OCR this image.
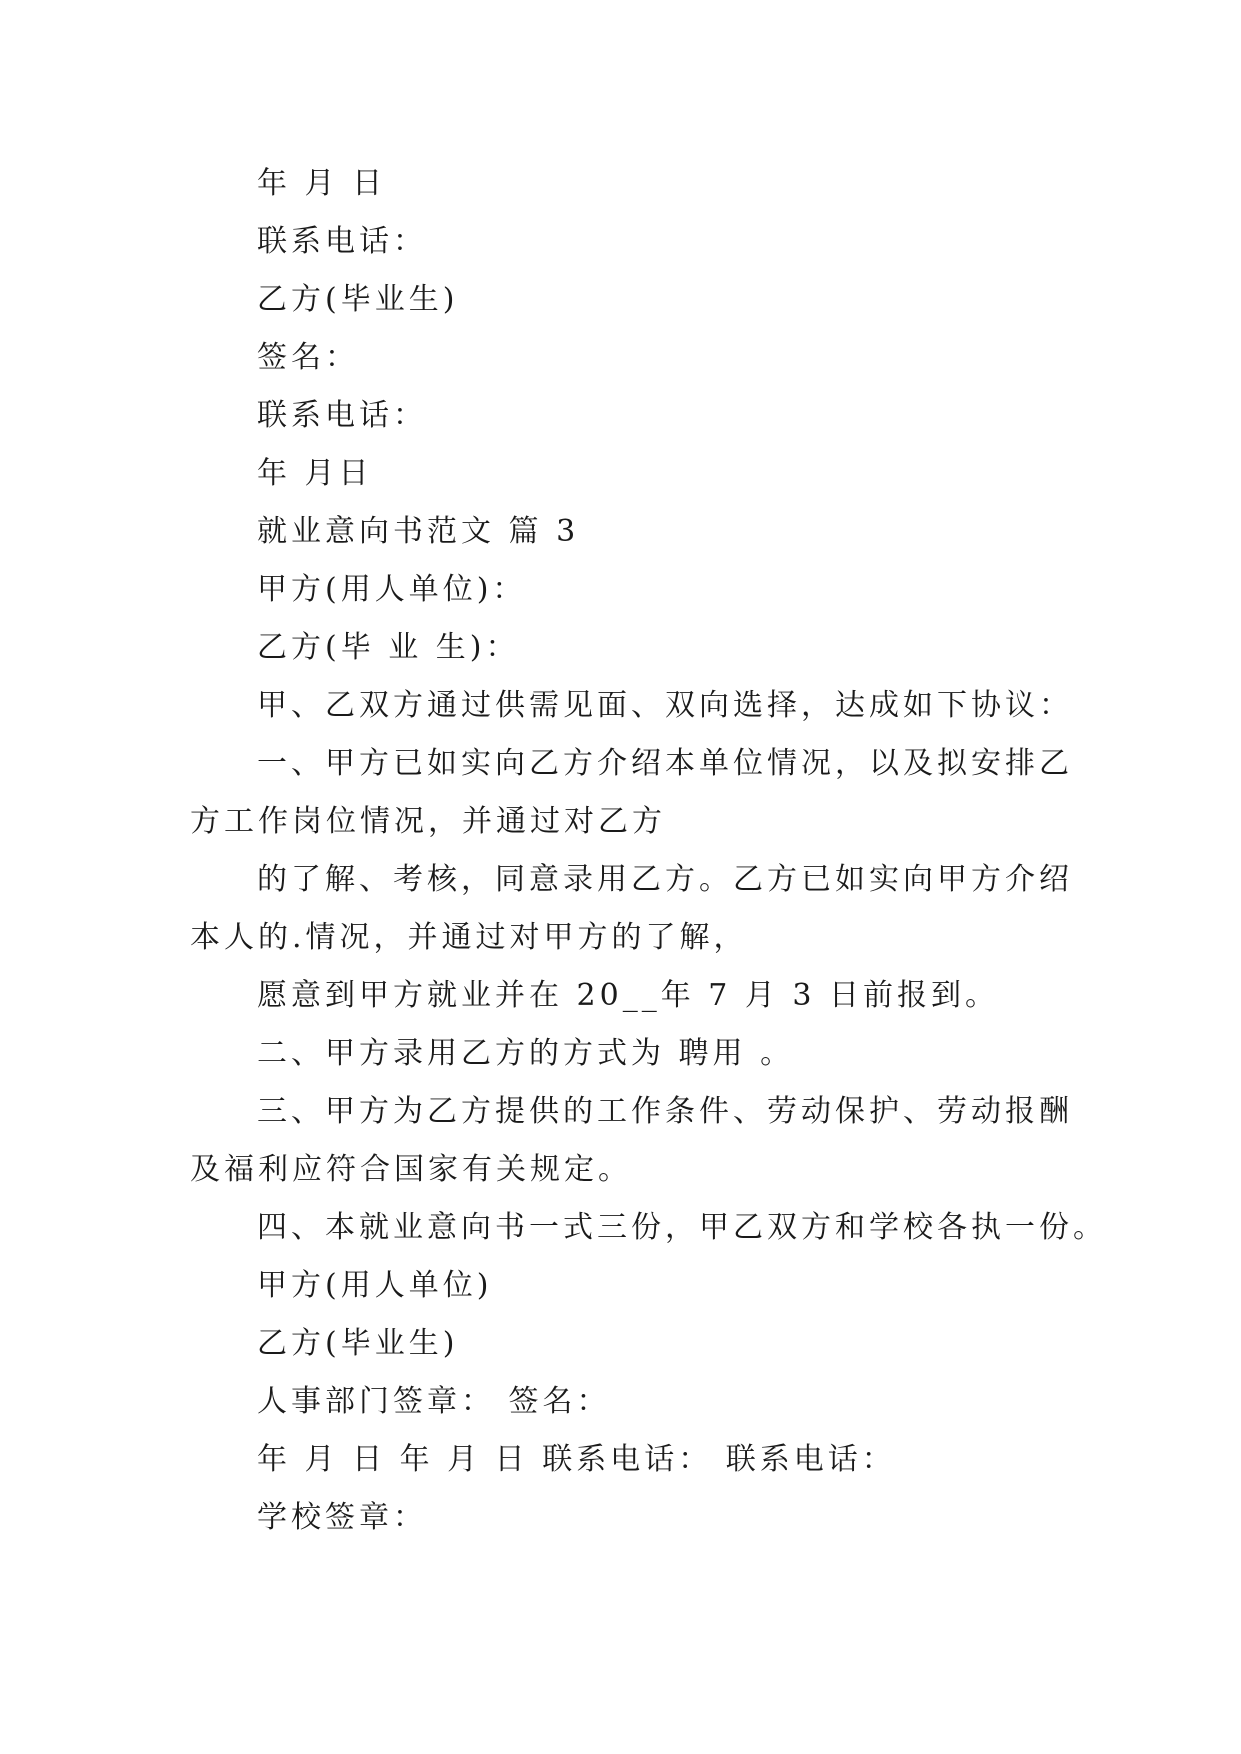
年 月 日
联系电话：
乙方(毕业生)
签名：
联系电话：
年 月日
就业意向书范文 篇 3
甲方(用人单位)：
乙方(毕 业 生)：
甲、乙双方通过供需见面、双向选择，达成如下协议：
一、甲方已如实向乙方介绍本单位情况，以及拟安排乙
方工作岗位情况，并通过对乙方
的了解、考核，同意录用乙方。乙方已如实向甲方介绍
本人的.情况，并通过对甲方的了解，
愿意到甲方就业并在 20__年 7 月 3 日前报到。
二、甲方录用乙方的方式为 聘用 。
三、甲方为乙方提供的工作条件、劳动保护、劳动报酬
及福利应符合国家有关规定。
四、本就业意向书一式三份，甲乙双方和学校各执一份。
甲方(用人单位)
乙方(毕业生)
人事部门签章： 签名：
年 月 日 年 月 日 联系电话： 联系电话：
学校签章：
